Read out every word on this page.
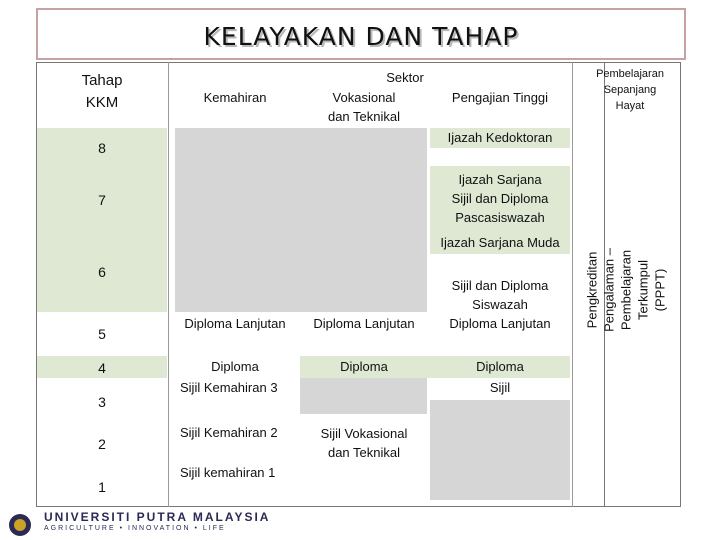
KELAYAKAN DAN TAHAP
Tahap
KKM
Sektor
Kemahiran	Vokasional
dan Teknikal
Pengajian Tinggi
Pembelajaran
Sepanjang
Hayat
8
7
6
5
4
3
2
1
Ijazah Kedoktoran
Ijazah Sarjana
Sijil dan Diploma
Pascasiswazah
Ijazah Sarjana Muda
Sijil dan Diploma
Siswazah
Diploma Lanjutan
Diploma
Sijil
Diploma Lanjutan
Diploma
Sijil Kemahiran 3
Sijil Kemahiran 2
Sijil kemahiran 1
Diploma Lanjutan
Diploma
Sijil Vokasional
dan Teknikal
Pengkreditan Pengalaman – Pembelajaran
Terkumpul (PPPT)
UNIVERSITI PUTRA MALAYSIA
AGRICULTURE • INNOVATION • LIFE
